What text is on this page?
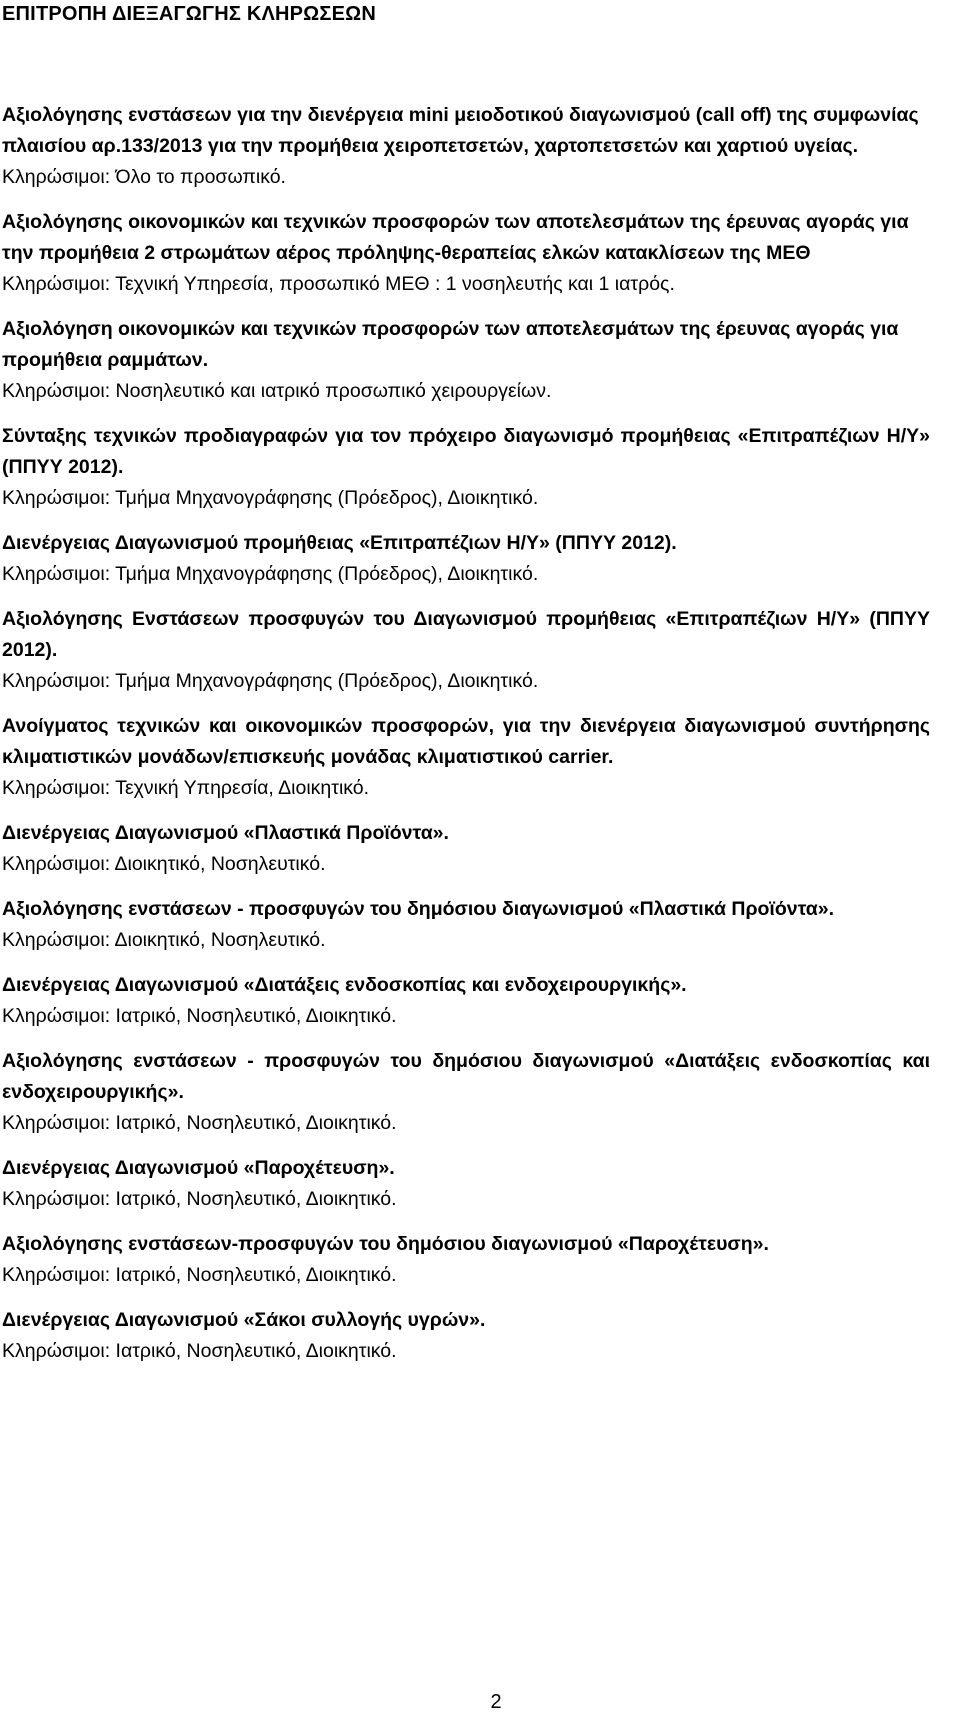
ΕΠΙΤΡΟΠΗ ΔΙΕΞΑΓΩΓΗΣ ΚΛΗΡΩΣΕΩΝ
Αξιολόγησης ενστάσεων για την διενέργεια mini μειοδοτικού διαγωνισμού (call off) της συμφωνίας πλαισίου αρ.133/2013 για την προμήθεια χειροπετσετών, χαρτοπετσετών και χαρτιού υγείας.
Κληρώσιμοι: Όλο το προσωπικό.
Αξιολόγησης οικονομικών και τεχνικών προσφορών των αποτελεσμάτων της έρευνας αγοράς για την προμήθεια 2 στρωμάτων αέρος πρόληψης-θεραπείας ελκών κατακλίσεων της ΜΕΘ
Κληρώσιμοι: Τεχνική Υπηρεσία, προσωπικό ΜΕΘ : 1 νοσηλευτής και 1 ιατρός.
Αξιολόγηση οικονομικών και τεχνικών προσφορών των αποτελεσμάτων της έρευνας αγοράς για προμήθεια ραμμάτων.
Κληρώσιμοι: Νοσηλευτικό και ιατρικό προσωπικό χειρουργείων.
Σύνταξης τεχνικών προδιαγραφών για τον πρόχειρο διαγωνισμό προμήθειας «Επιτραπέζιων Η/Υ» (ΠΠΥΥ 2012).
Κληρώσιμοι: Τμήμα Μηχανογράφησης (Πρόεδρος), Διοικητικό.
Διενέργειας Διαγωνισμού προμήθειας «Επιτραπέζιων Η/Υ» (ΠΠΥΥ 2012).
Κληρώσιμοι: Τμήμα Μηχανογράφησης (Πρόεδρος), Διοικητικό.
Αξιολόγησης Ενστάσεων προσφυγών του Διαγωνισμού προμήθειας «Επιτραπέζιων Η/Υ» (ΠΠΥΥ 2012).
Κληρώσιμοι: Τμήμα Μηχανογράφησης (Πρόεδρος), Διοικητικό.
Ανοίγματος τεχνικών και οικονομικών προσφορών, για την διενέργεια διαγωνισμού συντήρησης κλιματιστικών μονάδων/επισκευής μονάδας κλιματιστικού carrier.
Κληρώσιμοι: Τεχνική Υπηρεσία, Διοικητικό.
Διενέργειας Διαγωνισμού «Πλαστικά Προϊόντα».
Κληρώσιμοι: Διοικητικό, Νοσηλευτικό.
Αξιολόγησης ενστάσεων - προσφυγών του δημόσιου διαγωνισμού «Πλαστικά Προϊόντα».
Κληρώσιμοι: Διοικητικό, Νοσηλευτικό.
Διενέργειας Διαγωνισμού «Διατάξεις ενδοσκοπίας και ενδοχειρουργικής».
Κληρώσιμοι: Ιατρικό, Νοσηλευτικό, Διοικητικό.
Αξιολόγησης ενστάσεων - προσφυγών του δημόσιου διαγωνισμού «Διατάξεις ενδοσκοπίας και ενδοχειρουργικής».
Κληρώσιμοι: Ιατρικό, Νοσηλευτικό, Διοικητικό.
Διενέργειας Διαγωνισμού «Παροχέτευση».
Κληρώσιμοι: Ιατρικό, Νοσηλευτικό, Διοικητικό.
Αξιολόγησης ενστάσεων-προσφυγών του δημόσιου διαγωνισμού «Παροχέτευση».
Κληρώσιμοι: Ιατρικό, Νοσηλευτικό, Διοικητικό.
Διενέργειας Διαγωνισμού «Σάκοι συλλογής υγρών».
Κληρώσιμοι: Ιατρικό, Νοσηλευτικό, Διοικητικό.
2
